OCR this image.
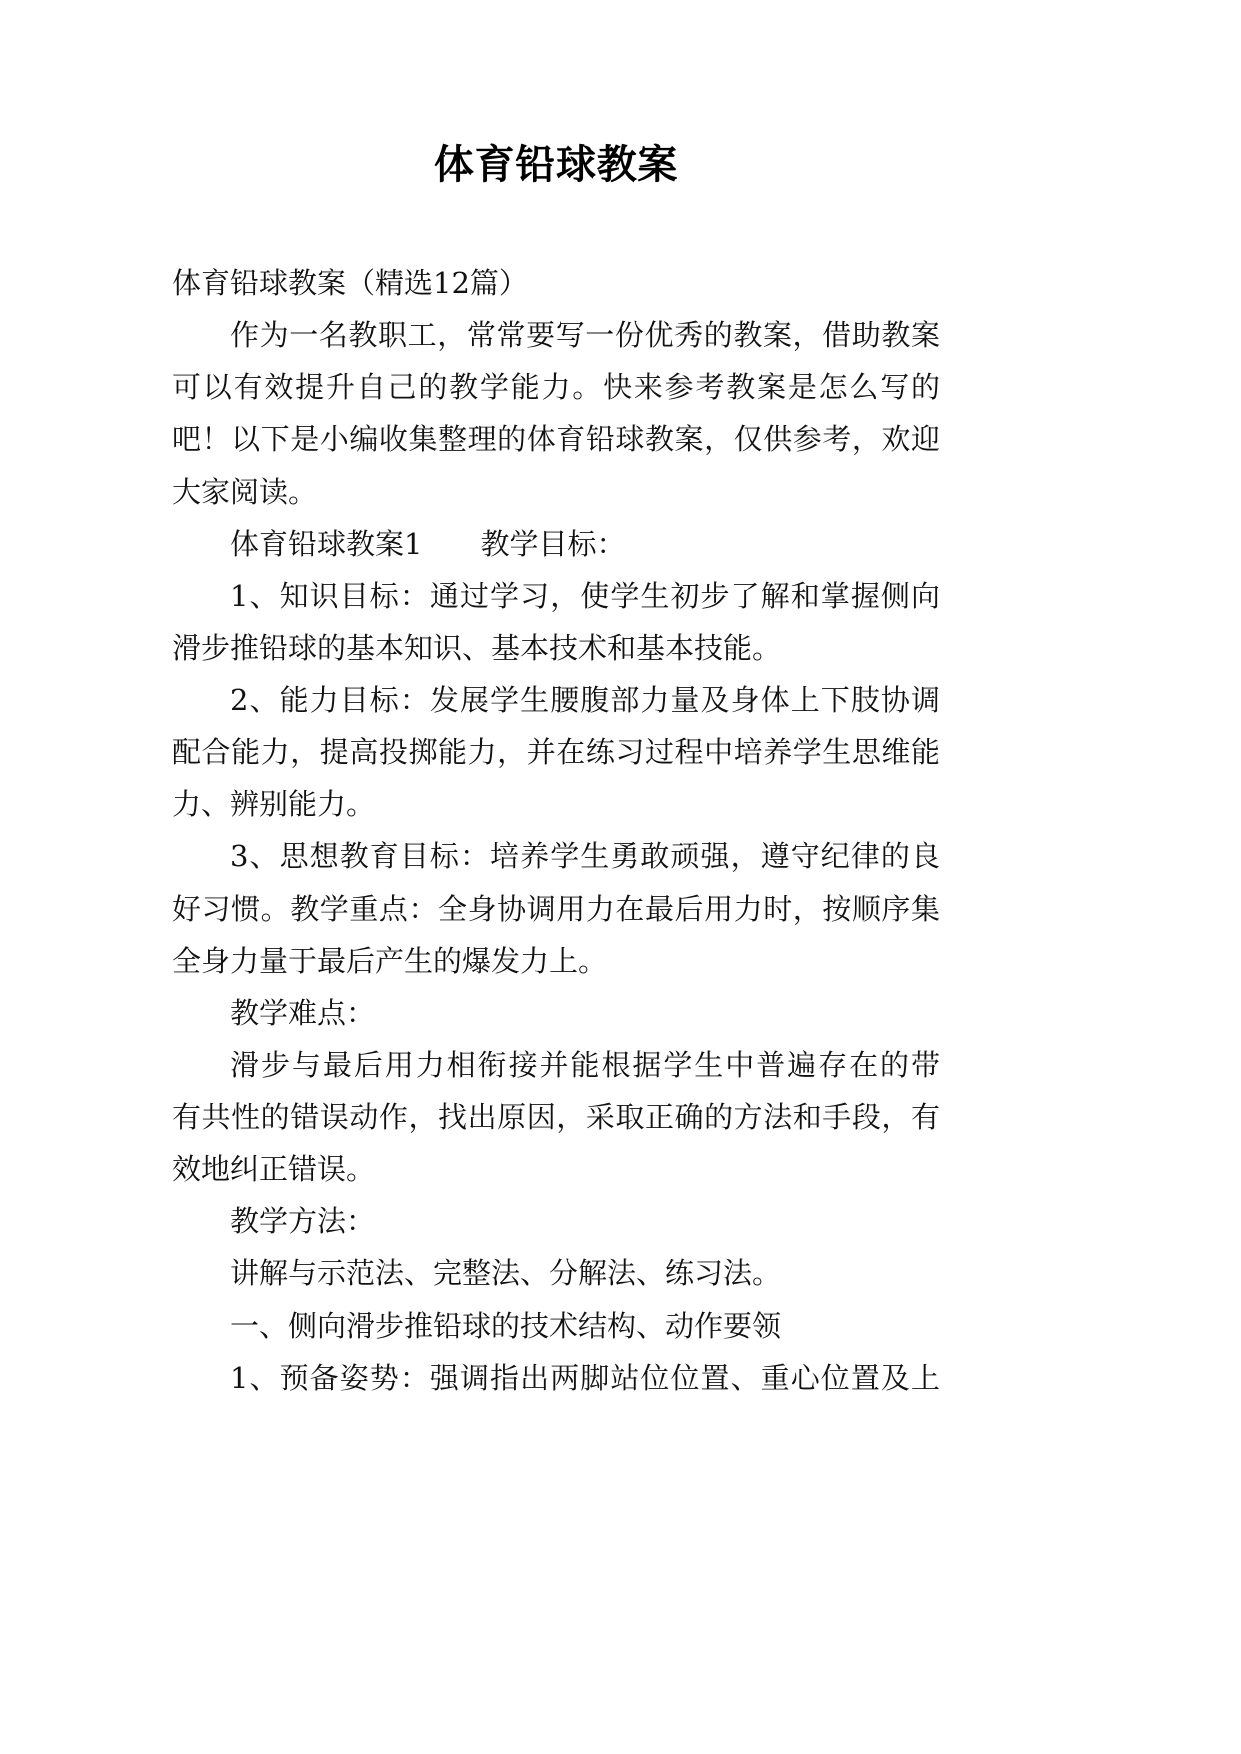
体育铅球教案
体育铅球教案（精选12篇）
作为一名教职工，常常要写一份优秀的教案，借助教案
可以有效提升自己的教学能力。快来参考教案是怎么写的
吧！以下是小编收集整理的体育铅球教案，仅供参考，欢迎
大家阅读。
体育铅球教案1　　教学目标：
1、知识目标：通过学习，使学生初步了解和掌握侧向
滑步推铅球的基本知识、基本技术和基本技能。
2、能力目标：发展学生腰腹部力量及身体上下肢协调
配合能力，提高投掷能力，并在练习过程中培养学生思维能
力、辨别能力。
3、思想教育目标：培养学生勇敢顽强，遵守纪律的良
好习惯。教学重点：全身协调用力在最后用力时，按顺序集
全身力量于最后产生的爆发力上。
教学难点：
滑步与最后用力相衔接并能根据学生中普遍存在的带
有共性的错误动作，找出原因，采取正确的方法和手段，有
效地纠正错误。
教学方法：
讲解与示范法、完整法、分解法、练习法。
一、侧向滑步推铅球的技术结构、动作要领
1、预备姿势：强调指出两脚站位位置、重心位置及上
